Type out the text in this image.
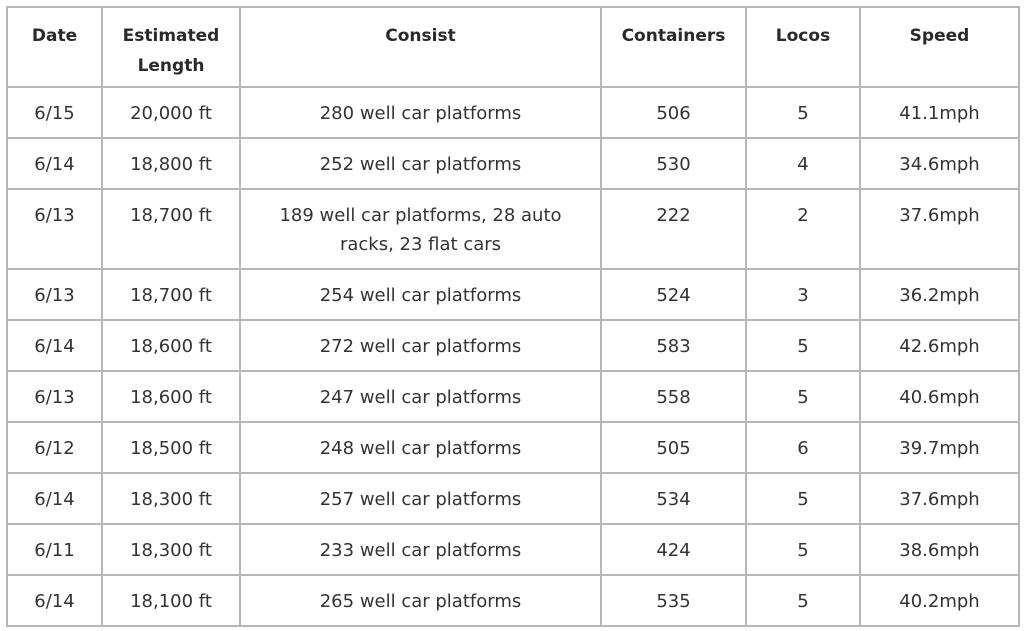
Date	Estimated Length	Consist	Containers	Locos	Speed
6/15	20,000 ft	280 well car platforms	506	5	41.1mph
6/14	18,800 ft	252 well car platforms	530	4	34.6mph
6/13	18,700 ft	189 well car platforms, 28 auto racks, 23 flat cars	222	2	37.6mph
6/13	18,700 ft	254 well car platforms	524	3	36.2mph
6/14	18,600 ft	272 well car platforms	583	5	42.6mph
6/13	18,600 ft	247 well car platforms	558	5	40.6mph
6/12	18,500 ft	248 well car platforms	505	6	39.7mph
6/14	18,300 ft	257 well car platforms	534	5	37.6mph
6/11	18,300 ft	233 well car platforms	424	5	38.6mph
6/14	18,100 ft	265 well car platforms	535	5	40.2mph
